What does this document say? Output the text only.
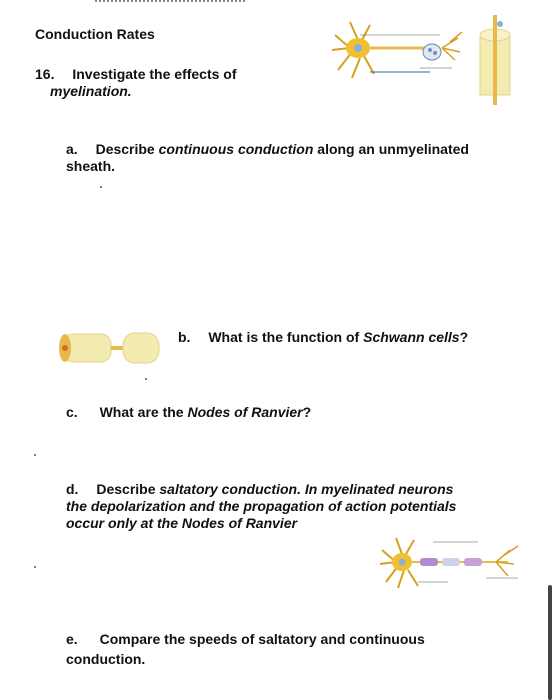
Conduction Rates
16. Investigate the effects of
myelination.
a. Describe continuous conduction along an unmyelinated
sheath.
b. What is the function of Schwann cells?
c. What are the Nodes of Ranvier?
d. Describe saltatory conduction. In myelinated neurons
the depolarization and the propagation of action potentials
occur only at the Nodes of Ranvier
e. Compare the speeds of saltatory and continuous
conduction.
